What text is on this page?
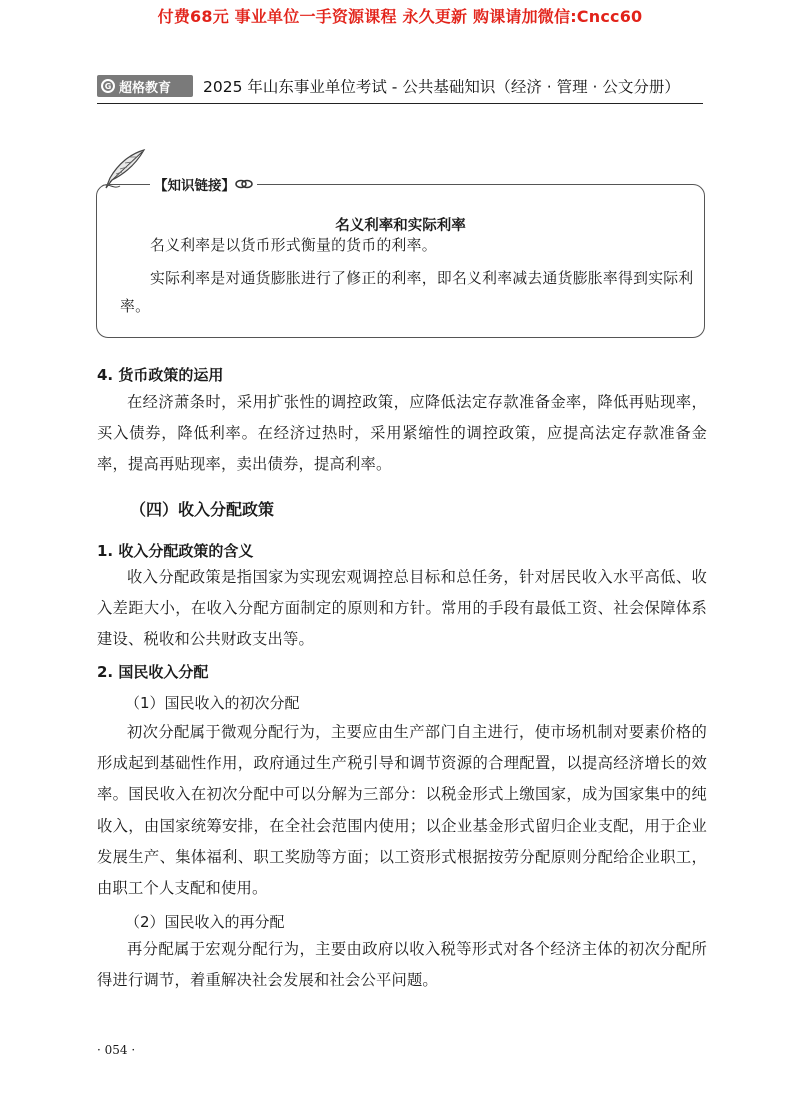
付费68元 事业单位一手资源课程 永久更新 购课请加微信:Cncc60
G 超格教育 2025 年山东事业单位考试 - 公共基础知识（经济 · 管理 · 公文分册）
【知识链接】
名义利率和实际利率

名义利率是以货币形式衡量的货币的利率。

实际利率是对通货膨胀进行了修正的利率，即名义利率减去通货膨胀率得到实际利率。

4. 货币政策的运用

在经济萧条时，采用扩张性的调控政策，应降低法定存款准备金率，降低再贴现率，买入债券，降低利率。在经济过热时，采用紧缩性的调控政策，应提高法定存款准备金率，提高再贴现率，卖出债券，提高利率。

（四）收入分配政策

1. 收入分配政策的含义

收入分配政策是指国家为实现宏观调控总目标和总任务，针对居民收入水平高低、收入差距大小，在收入分配方面制定的原则和方针。常用的手段有最低工资、社会保障体系建设、税收和公共财政支出等。

2. 国民收入分配

（1）国民收入的初次分配

初次分配属于微观分配行为，主要应由生产部门自主进行，使市场机制对要素价格的形成起到基础性作用，政府通过生产税引导和调节资源的合理配置，以提高经济增长的效率。国民收入在初次分配中可以分解为三部分：以税金形式上缴国家，成为国家集中的纯收入，由国家统筹安排，在全社会范围内使用；以企业基金形式留归企业支配，用于企业发展生产、集体福利、职工奖励等方面；以工资形式根据按劳分配原则分配给企业职工，由职工个人支配和使用。

（2）国民收入的再分配

再分配属于宏观分配行为，主要由政府以收入税等形式对各个经济主体的初次分配所得进行调节，着重解决社会发展和社会公平问题。

· 054 ·
